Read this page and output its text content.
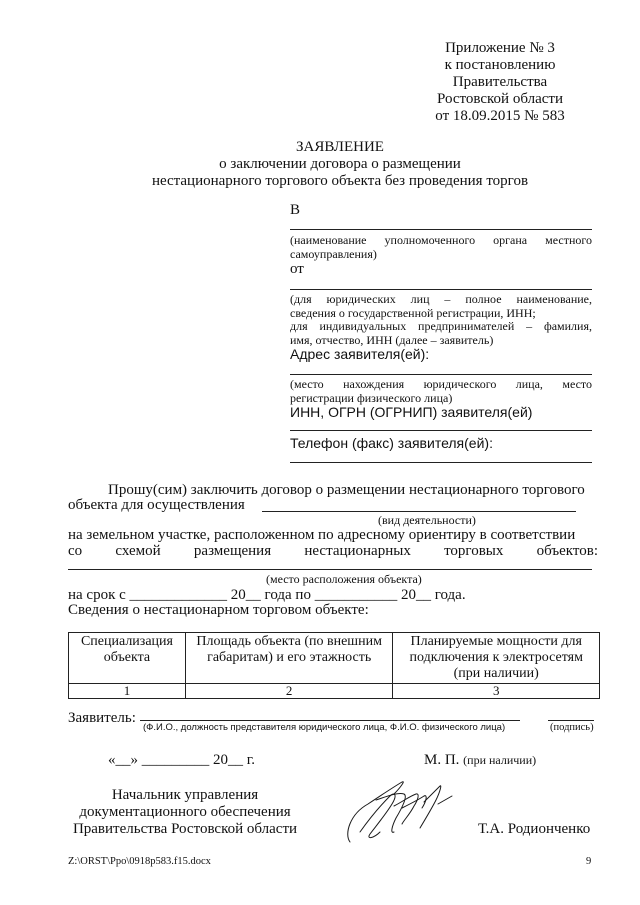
Приложение № 3
к постановлению
Правительства
Ростовской области
от 18.09.2015 № 583
ЗАЯВЛЕНИЕ
о заключении договора о размещении
нестационарного торгового объекта без проведения торгов
В
(наименование уполномоченного органа местного
самоуправления)
от
(для юридических лиц – полное наименование,
сведения о государственной регистрации, ИНН;
для индивидуальных предпринимателей – фамилия,
имя, отчество, ИНН (далее – заявитель)
Адрес заявителя(ей):
(место нахождения юридического лица, место
регистрации физического лица)
ИНН, ОГРН (ОГРНИП) заявителя(ей)
Телефон (факс) заявителя(ей):
Прошу(сим) заключить договор о размещении нестационарного торгового
объекта для осуществления
(вид деятельности)
на земельном участке, расположенном по адресному ориентиру в соответствии
со схемой размещения нестационарных торговых объектов:
(место расположения объекта)
на срок с _____________ 20__ года по ___________ 20__ года.
Сведения о нестационарном торговом объекте:
Специализация объекта	Площадь объекта (по внешним габаритам) и его этажность	Планируемые мощности для подключения к электросетям (при наличии)
1	2	3
Заявитель:
(Ф.И.О., должность представителя юридического лица, Ф.И.О. физического лица)	(подпись)
«__» _________ 20__ г.	М. П. (при наличии)
Начальник управления
документационного обеспечения
Правительства Ростовской области	Т.А. Родионченко
Z:\ORST\Ppo\0918p583.f15.docx	9
